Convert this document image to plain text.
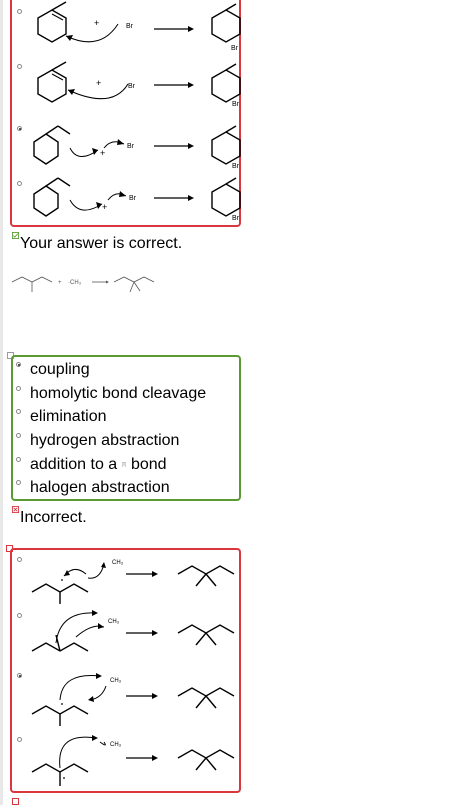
+	Br
Br
+	Br
Br
+
Br
Br
+
Br
Br
Your answer is correct.
+ ·CH₃
coupling
homolytic bond cleavage
elimination
hydrogen abstraction
addition to a π bond
halogen abstraction
Incorrect.
CH₃
CH₃
CH₃
CH₃
